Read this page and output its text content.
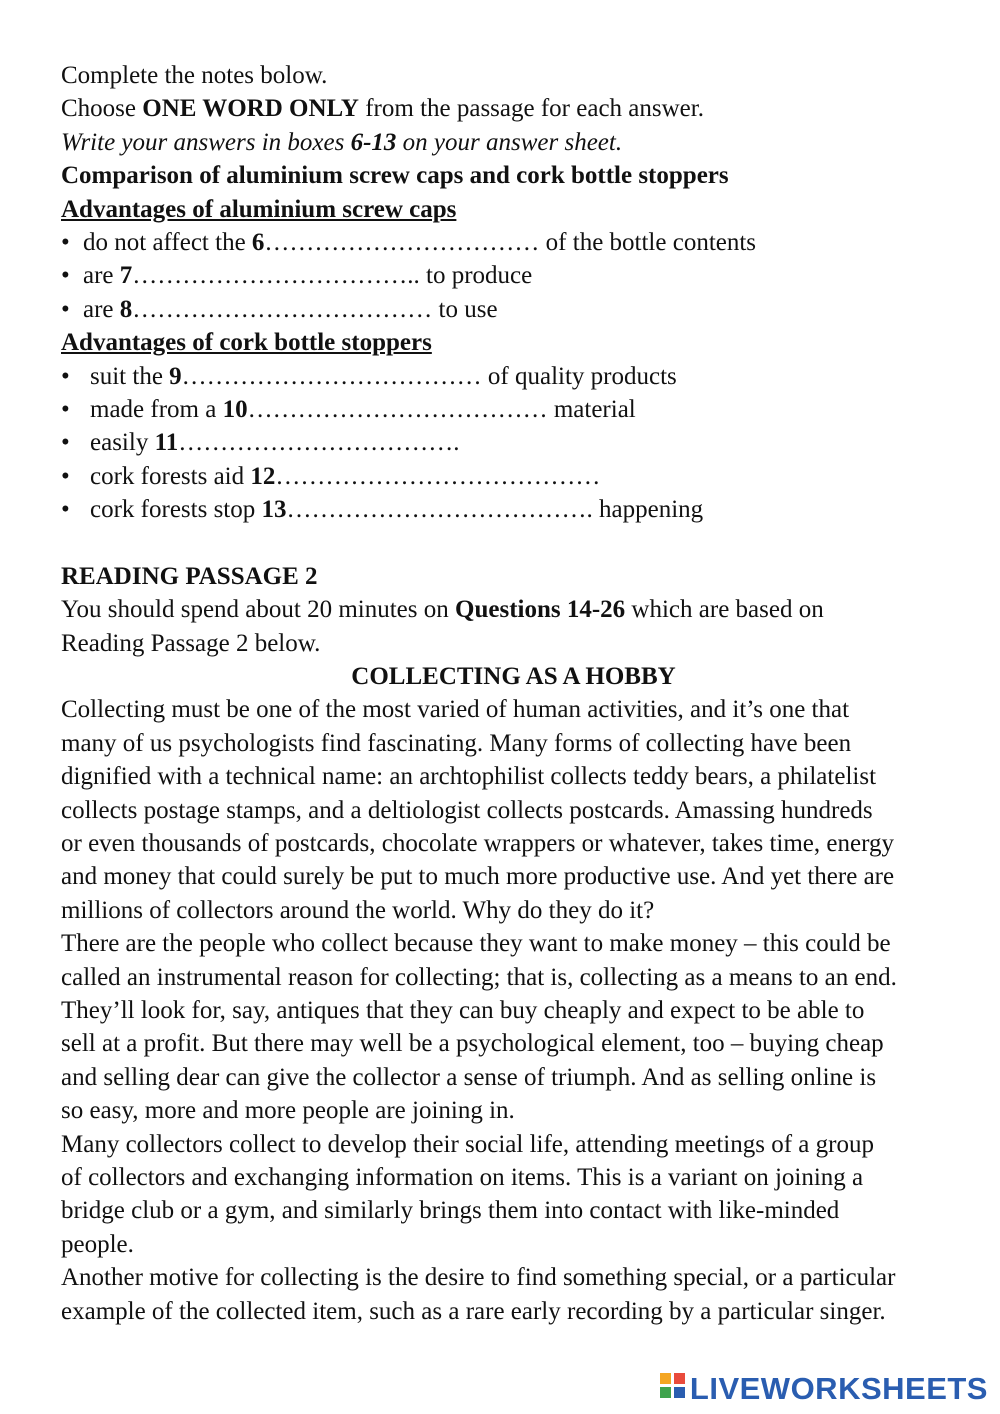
Complete the notes bolow.
Choose ONE WORD ONLY from the passage for each answer.
Write your answers in boxes 6-13 on your answer sheet.
Comparison of aluminium screw caps and cork bottle stoppers
Advantages of aluminium screw caps
• do not affect the 6…………………………… of the bottle contents
• are 7…………………………….. to produce
• are 8……………………………… to use
Advantages of cork bottle stoppers
• suit the 9……………………………… of quality products
• made from a 10……………………………… material
• easily 11…………………………….
• cork forests aid 12…………………………………
• cork forests stop 13………………………………. happening
READING PASSAGE 2
You should spend about 20 minutes on Questions 14-26 which are based on
Reading Passage 2 below.
COLLECTING AS A HOBBY
Collecting must be one of the most varied of human activities, and it’s one that
many of us psychologists find fascinating. Many forms of collecting have been
dignified with a technical name: an archtophilist collects teddy bears, a philatelist
collects postage stamps, and a deltiologist collects postcards. Amassing hundreds
or even thousands of postcards, chocolate wrappers or whatever, takes time, energy
and money that could surely be put to much more productive use. And yet there are
millions of collectors around the world. Why do they do it?
There are the people who collect because they want to make money – this could be
called an instrumental reason for collecting; that is, collecting as a means to an end.
They’ll look for, say, antiques that they can buy cheaply and expect to be able to
sell at a profit. But there may well be a psychological element, too – buying cheap
and selling dear can give the collector a sense of triumph. And as selling online is
so easy, more and more people are joining in.
Many collectors collect to develop their social life, attending meetings of a group
of collectors and exchanging information on items. This is a variant on joining a
bridge club or a gym, and similarly brings them into contact with like-minded
people.
Another motive for collecting is the desire to find something special, or a particular
example of the collected item, such as a rare early recording by a particular singer.
LIVEWORKSHEETS
